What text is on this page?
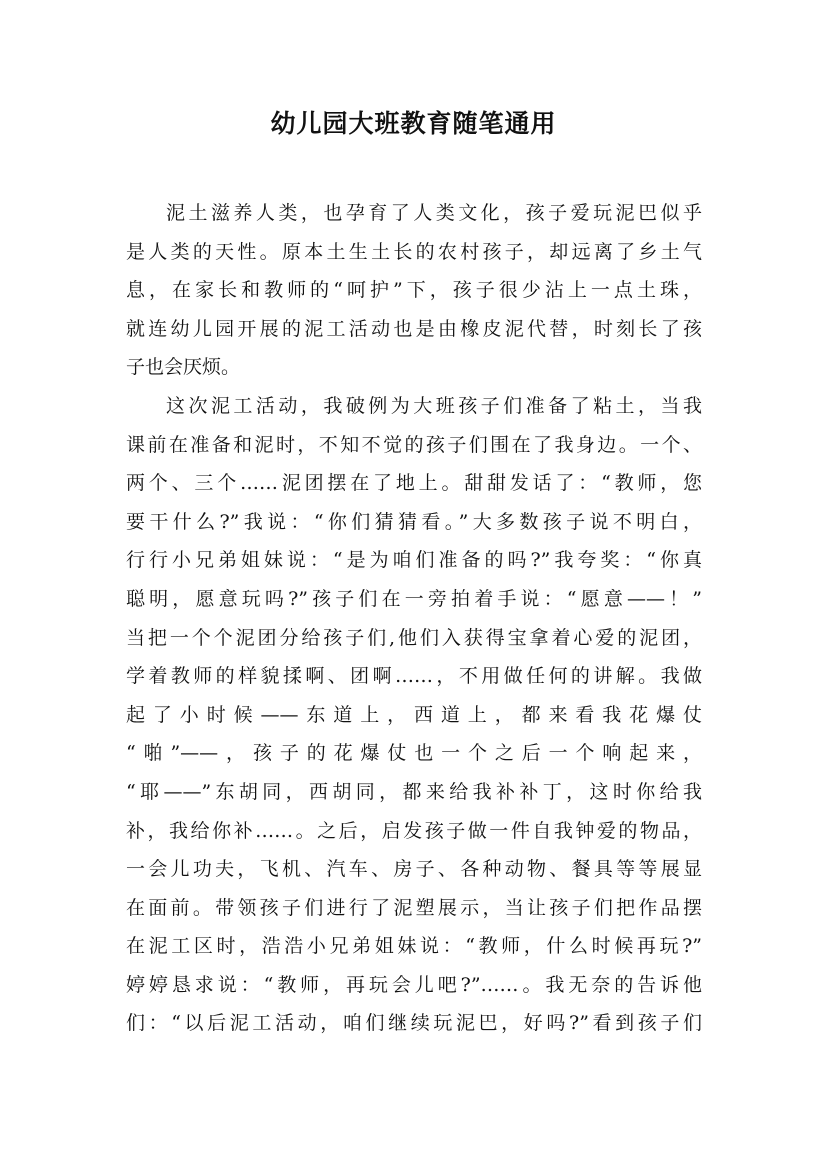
幼儿园大班教育随笔通用
泥土滋养人类，也孕育了人类文化，孩子爱玩泥巴似乎
是人类的天性。原本土生土长的农村孩子，却远离了乡土气
息，在家长和教师的“呵护”下，孩子很少沾上一点土珠，
就连幼儿园开展的泥工活动也是由橡皮泥代替，时刻长了孩
子也会厌烦。
这次泥工活动，我破例为大班孩子们准备了粘土，当我
课前在准备和泥时，不知不觉的孩子们围在了我身边。一个、
两个、三个……泥团摆在了地上。甜甜发话了：“教师，您
要干什么?”我说：“你们猜猜看。”大多数孩子说不明白，
行行小兄弟姐妹说：“是为咱们准备的吗?”我夸奖：“你真
聪明，愿意玩吗?”孩子们在一旁拍着手说：“愿意——！”
当把一个个泥团分给孩子们,他们入获得宝拿着心爱的泥团，
学着教师的样貌揉啊、团啊……，不用做任何的讲解。我做
起了小时候——东道上，西道上，都来看我花爆仗
“啪”——，孩子的花爆仗也一个之后一个响起来，
“耶——”东胡同，西胡同，都来给我补补丁，这时你给我
补，我给你补……。之后，启发孩子做一件自我钟爱的物品，
一会儿功夫，飞机、汽车、房子、各种动物、餐具等等展显
在面前。带领孩子们进行了泥塑展示，当让孩子们把作品摆
在泥工区时，浩浩小兄弟姐妹说：“教师，什么时候再玩?”
婷婷恳求说：“教师，再玩会儿吧?”……。我无奈的告诉他
们：“以后泥工活动，咱们继续玩泥巴，好吗?”看到孩子们
